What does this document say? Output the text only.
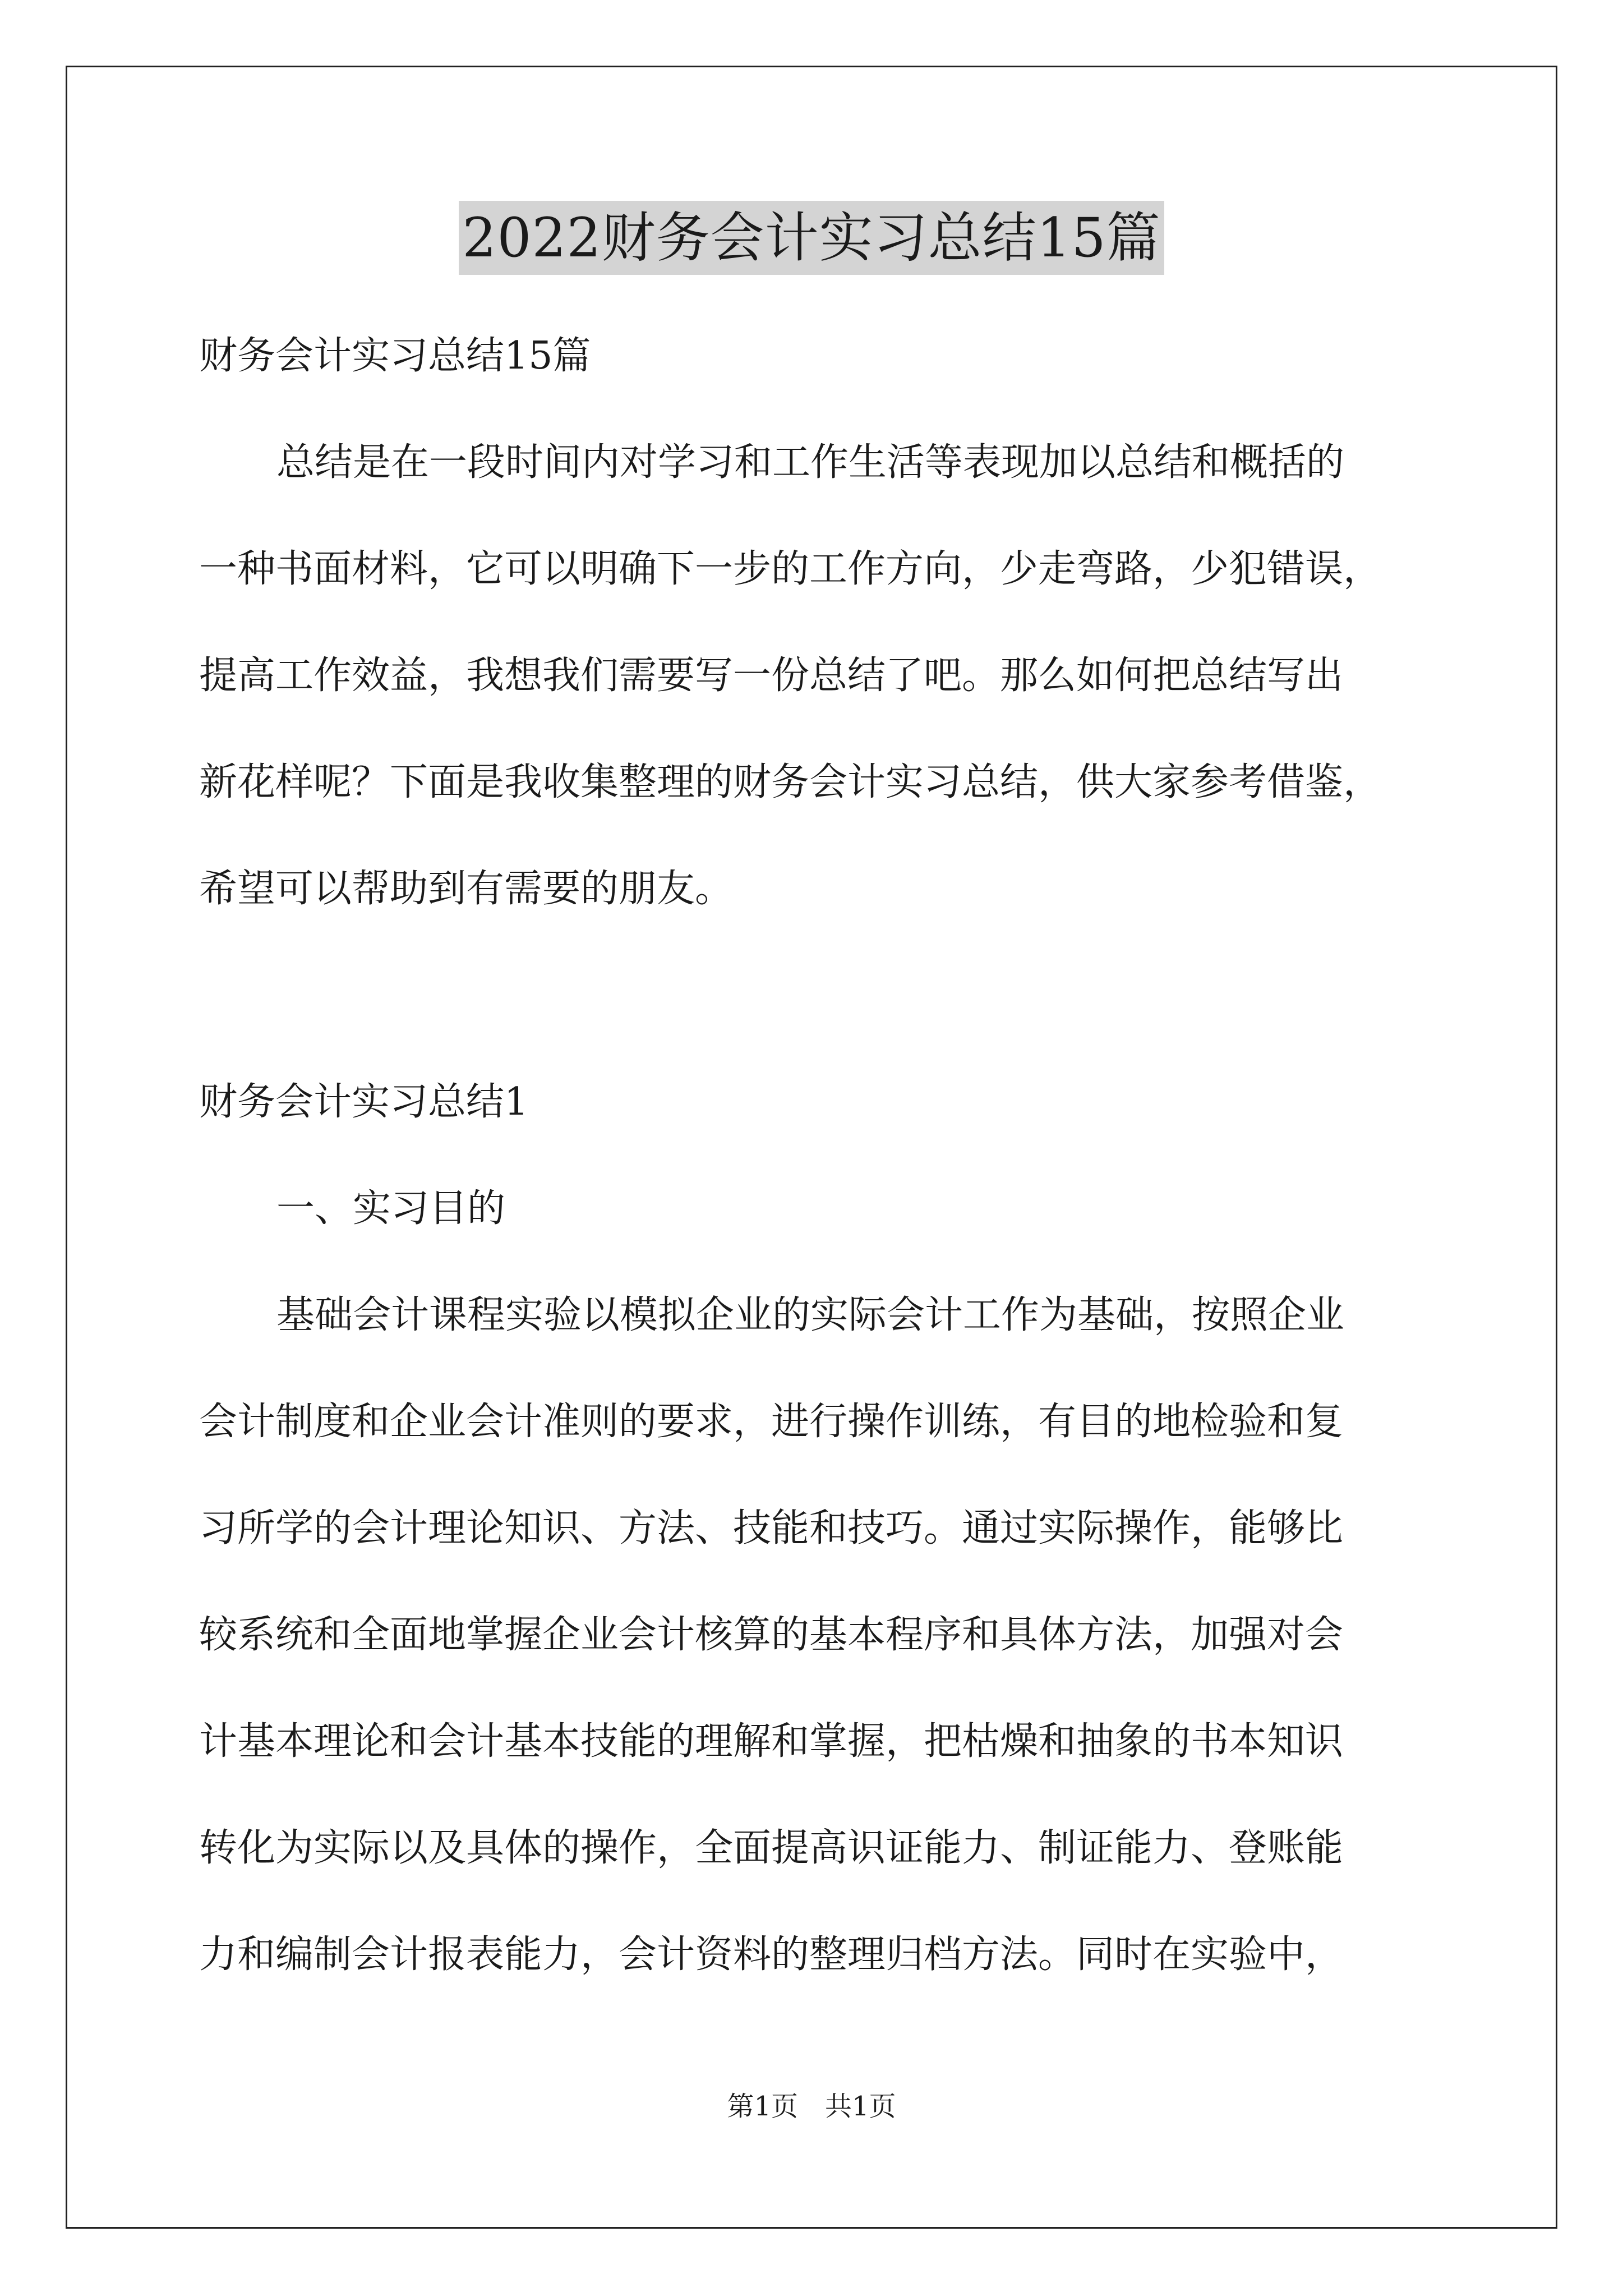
2022财务会计实习总结15篇
财务会计实习总结15篇
总结是在一段时间内对学习和工作生活等表现加以总结和概括的
一种书面材料，它可以明确下一步的工作方向，少走弯路，少犯错误，
提高工作效益，我想我们需要写一份总结了吧。那么如何把总结写出
新花样呢？下面是我收集整理的财务会计实习总结，供大家参考借鉴，
希望可以帮助到有需要的朋友。
财务会计实习总结1
一、实习目的
基础会计课程实验以模拟企业的实际会计工作为基础，按照企业
会计制度和企业会计准则的要求，进行操作训练，有目的地检验和复
习所学的会计理论知识、方法、技能和技巧。通过实际操作，能够比
较系统和全面地掌握企业会计核算的基本程序和具体方法，加强对会
计基本理论和会计基本技能的理解和掌握，把枯燥和抽象的书本知识
转化为实际以及具体的操作，全面提高识证能力、制证能力、登账能
力和编制会计报表能力，会计资料的整理归档方法。同时在实验中，
第1页　共1页
